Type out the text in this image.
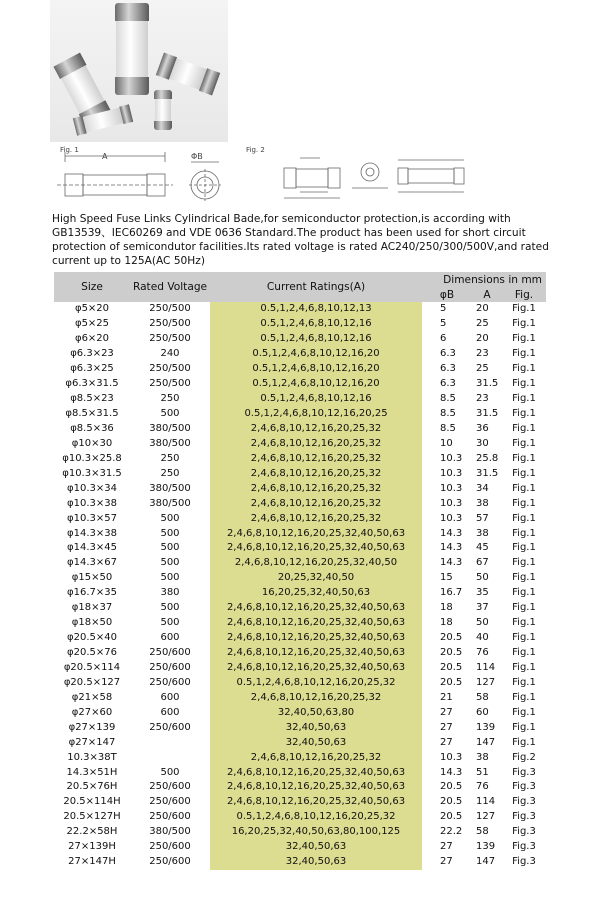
Fig. 1	Fig. 2
A	ΦB
High Speed Fuse Links Cylindrical Bade,for semiconductor protection,is according with GB13539、IEC60269 and VDE 0636 Standard.The product has been used for short circuit protection of semicondutor facilities.Its rated voltage is rated AC240/250/300/500V,and rated current up to 125A(AC 50Hz)
Size	Rated Voltage	Current Ratings(A)	Dimensions in mm		
			φB	A	Fig.
φ5×20	250/500	0.5,1,2,4,6,8,10,12,13	5	20	Fig.1
φ5×25	250/500	0.5,1,2,4,6,8,10,12,16	5	25	Fig.1
φ6×20	250/500	0.5,1,2,4,6,8,10,12,16	6	20	Fig.1
φ6.3×23	240	0.5,1,2,4,6,8,10,12,16,20	6.3	23	Fig.1
φ6.3×25	250/500	0.5,1,2,4,6,8,10,12,16,20	6.3	25	Fig.1
φ6.3×31.5	250/500	0.5,1,2,4,6,8,10,12,16,20	6.3	31.5	Fig.1
φ8.5×23	250	0.5,1,2,4,6,8,10,12,16	8.5	23	Fig.1
φ8.5×31.5	500	0.5,1,2,4,6,8,10,12,16,20,25	8.5	31.5	Fig.1
φ8.5×36	380/500	2,4,6,8,10,12,16,20,25,32	8.5	36	Fig.1
φ10×30	380/500	2,4,6,8,10,12,16,20,25,32	10	30	Fig.1
φ10.3×25.8	250	2,4,6,8,10,12,16,20,25,32	10.3	25.8	Fig.1
φ10.3×31.5	250	2,4,6,8,10,12,16,20,25,32	10.3	31.5	Fig.1
φ10.3×34	380/500	2,4,6,8,10,12,16,20,25,32	10.3	34	Fig.1
φ10.3×38	380/500	2,4,6,8,10,12,16,20,25,32	10.3	38	Fig.1
φ10.3×57	500	2,4,6,8,10,12,16,20,25,32	10.3	57	Fig.1
φ14.3×38	500	2,4,6,8,10,12,16,20,25,32,40,50,63	14.3	38	Fig.1
φ14.3×45	500	2,4,6,8,10,12,16,20,25,32,40,50,63	14.3	45	Fig.1
φ14.3×67	500	2,4,6,8,10,12,16,20,25,32,40,50	14.3	67	Fig.1
φ15×50	500	20,25,32,40,50	15	50	Fig.1
φ16.7×35	380	16,20,25,32,40,50,63	16.7	35	Fig.1
φ18×37	500	2,4,6,8,10,12,16,20,25,32,40,50,63	18	37	Fig.1
φ18×50	500	2,4,6,8,10,12,16,20,25,32,40,50,63	18	50	Fig.1
φ20.5×40	600	2,4,6,8,10,12,16,20,25,32,40,50,63	20.5	40	Fig.1
φ20.5×76	250/600	2,4,6,8,10,12,16,20,25,32,40,50,63	20.5	76	Fig.1
φ20.5×114	250/600	2,4,6,8,10,12,16,20,25,32,40,50,63	20.5	114	Fig.1
φ20.5×127	250/600	0.5,1,2,4,6,8,10,12,16,20,25,32	20.5	127	Fig.1
φ21×58	600	2,4,6,8,10,12,16,20,25,32	21	58	Fig.1
φ27×60	600	32,40,50,63,80	27	60	Fig.1
φ27×139	250/600	32,40,50,63	27	139	Fig.1
φ27×147		32,40,50,63	27	147	Fig.1
10.3×38T		2,4,6,8,10,12,16,20,25,32	10.3	38	Fig.2
14.3×51H	500	2,4,6,8,10,12,16,20,25,32,40,50,63	14.3	51	Fig.3
20.5×76H	250/600	2,4,6,8,10,12,16,20,25,32,40,50,63	20.5	76	Fig.3
20.5×114H	250/600	2,4,6,8,10,12,16,20,25,32,40,50,63	20.5	114	Fig.3
20.5×127H	250/600	0.5,1,2,4,6,8,10,12,16,20,25,32	20.5	127	Fig.3
22.2×58H	380/500	16,20,25,32,40,50,63,80,100,125	22.2	58	Fig.3
27×139H	250/600	32,40,50,63	27	139	Fig.3
27×147H	250/600	32,40,50,63	27	147	Fig.3
